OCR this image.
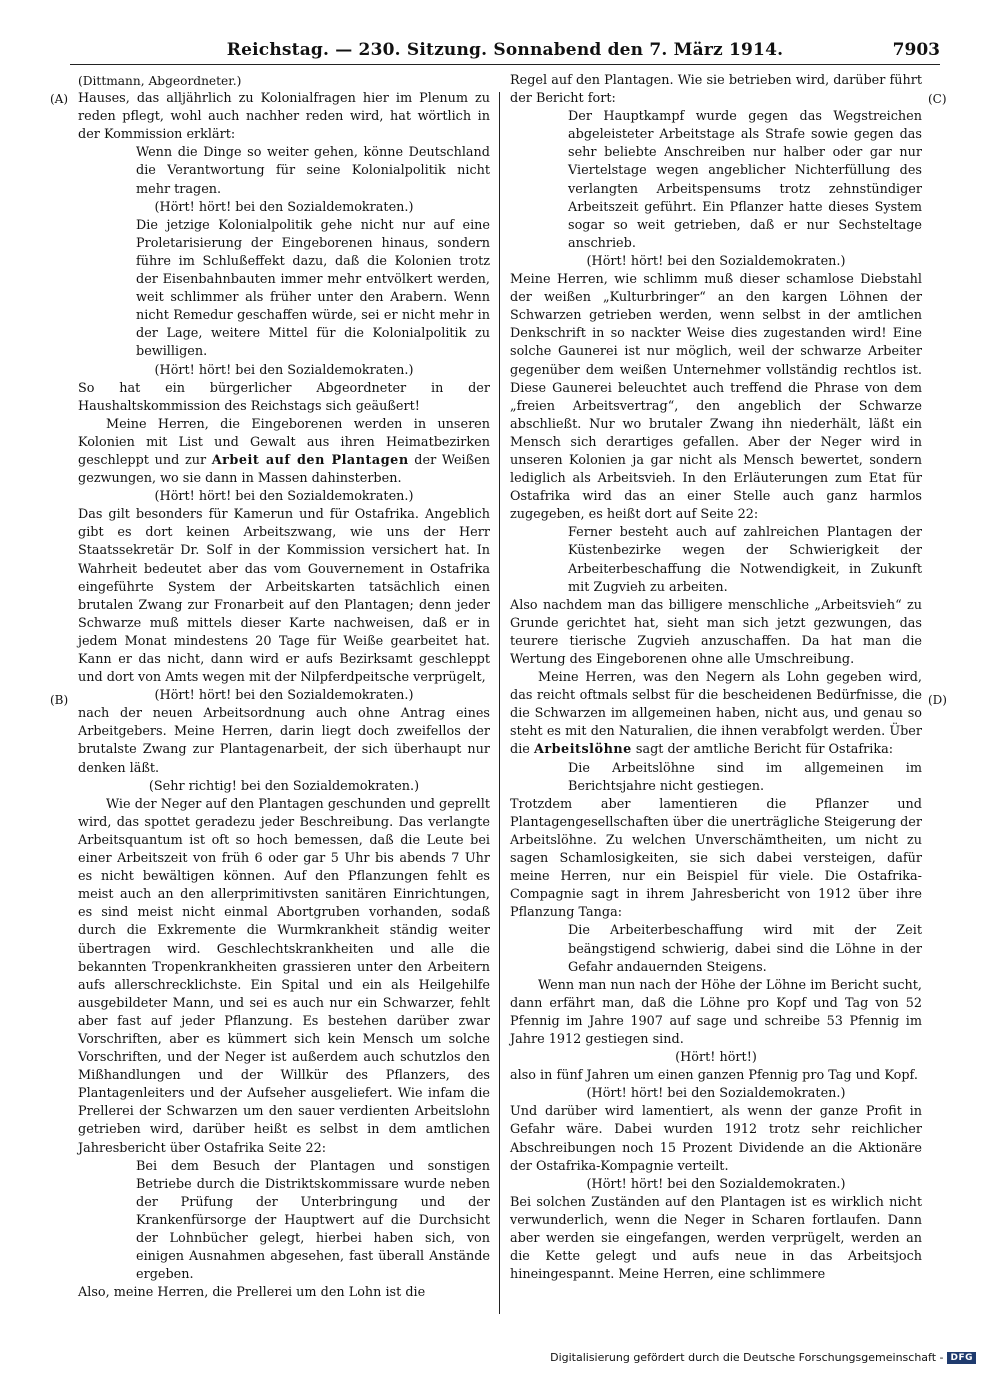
Reichstag. — 230. Sitzung. Sonnabend den 7. März 1914.	7903
(A)
(B)
(C)
(D)

(Dittmann, Abgeordneter.)

Hauses, das alljährlich zu Kolonialfragen hier im Plenum zu reden pflegt, wohl auch nachher reden wird, hat wörtlich in der Kommission erklärt:

Wenn die Dinge so weiter gehen, könne Deutschland die Verantwortung für seine Kolonialpolitik nicht mehr tragen.

(Hört! hört! bei den Sozialdemokraten.)

Die jetzige Kolonialpolitik gehe nicht nur auf eine Proletarisierung der Eingeborenen hinaus, sondern führe im Schlußeffekt dazu, daß die Kolonien trotz der Eisenbahnbauten immer mehr entvölkert werden, weit schlimmer als früher unter den Arabern. Wenn nicht Remedur geschaffen würde, sei er nicht mehr in der Lage, weitere Mittel für die Kolonialpolitik zu bewilligen.

(Hört! hört! bei den Sozialdemokraten.)

So hat ein bürgerlicher Abgeordneter in der Haushaltskommission des Reichstags sich geäußert!

Meine Herren, die Eingeborenen werden in unseren Kolonien mit List und Gewalt aus ihren Heimatbezirken geschleppt und zur Arbeit auf den Plantagen der Weißen gezwungen, wo sie dann in Massen dahinsterben.

(Hört! hört! bei den Sozialdemokraten.)

Das gilt besonders für Kamerun und für Ostafrika. Angeblich gibt es dort keinen Arbeitszwang, wie uns der Herr Staatssekretär Dr. Solf in der Kommission versichert hat. In Wahrheit bedeutet aber das vom Gouvernement in Ostafrika eingeführte System der Arbeitskarten tatsächlich einen brutalen Zwang zur Fronarbeit auf den Plantagen; denn jeder Schwarze muß mittels dieser Karte nachweisen, daß er in jedem Monat mindestens 20 Tage für Weiße gearbeitet hat. Kann er das nicht, dann wird er aufs Bezirksamt geschleppt und dort von Amts wegen mit der Nilpferdpeitsche verprügelt,

(Hört! hört! bei den Sozialdemokraten.)

nach der neuen Arbeitsordnung auch ohne Antrag eines Arbeitgebers. Meine Herren, darin liegt doch zweifellos der brutalste Zwang zur Plantagenarbeit, der sich überhaupt nur denken läßt.

(Sehr richtig! bei den Sozialdemokraten.)

Wie der Neger auf den Plantagen geschunden und geprellt wird, das spottet geradezu jeder Beschreibung. Das verlangte Arbeitsquantum ist oft so hoch bemessen, daß die Leute bei einer Arbeitszeit von früh 6 oder gar 5 Uhr bis abends 7 Uhr es nicht bewältigen können. Auf den Pflanzungen fehlt es meist auch an den allerprimitivsten sanitären Einrichtungen, es sind meist nicht einmal Abortgruben vorhanden, sodaß durch die Exkremente die Wurmkrankheit ständig weiter übertragen wird. Geschlechtskrankheiten und alle die bekannten Tropenkrankheiten grassieren unter den Arbeitern aufs allerschrecklichste. Ein Spital und ein als Heilgehilfe ausgebildeter Mann, und sei es auch nur ein Schwarzer, fehlt aber fast auf jeder Pflanzung. Es bestehen darüber zwar Vorschriften, aber es kümmert sich kein Mensch um solche Vorschriften, und der Neger ist außerdem auch schutzlos den Mißhandlungen und der Willkür des Pflanzers, des Plantagenleiters und der Aufseher ausgeliefert. Wie infam die Prellerei der Schwarzen um den sauer verdienten Arbeitslohn getrieben wird, darüber heißt es selbst in dem amtlichen Jahresbericht über Ostafrika Seite 22:

Bei dem Besuch der Plantagen und sonstigen Betriebe durch die Distriktskommissare wurde neben der Prüfung der Unterbringung und der Krankenfürsorge der Hauptwert auf die Durchsicht der Lohnbücher gelegt, hierbei haben sich, von einigen Ausnahmen abgesehen, fast überall Anstände ergeben.

Also, meine Herren, die Prellerei um den Lohn ist die

Regel auf den Plantagen. Wie sie betrieben wird, darüber führt der Bericht fort:

Der Hauptkampf wurde gegen das Wegstreichen abgeleisteter Arbeitstage als Strafe sowie gegen das sehr beliebte Anschreiben nur halber oder gar nur Viertelstage wegen angeblicher Nichterfüllung des verlangten Arbeitspensums trotz zehnstündiger Arbeitszeit geführt. Ein Pflanzer hatte dieses System sogar so weit getrieben, daß er nur Sechsteltage anschrieb.

(Hört! hört! bei den Sozialdemokraten.)

Meine Herren, wie schlimm muß dieser schamlose Diebstahl der weißen „Kulturbringer“ an den kargen Löhnen der Schwarzen getrieben werden, wenn selbst in der amtlichen Denkschrift in so nackter Weise dies zugestanden wird! Eine solche Gaunerei ist nur möglich, weil der schwarze Arbeiter gegenüber dem weißen Unternehmer vollständig rechtlos ist. Diese Gaunerei beleuchtet auch treffend die Phrase von dem „freien Arbeitsvertrag“, den angeblich der Schwarze abschließt. Nur wo brutaler Zwang ihn niederhält, läßt ein Mensch sich derartiges gefallen. Aber der Neger wird in unseren Kolonien ja gar nicht als Mensch bewertet, sondern lediglich als Arbeitsvieh. In den Erläuterungen zum Etat für Ostafrika wird das an einer Stelle auch ganz harmlos zugegeben, es heißt dort auf Seite 22:

Ferner besteht auch auf zahlreichen Plantagen der Küstenbezirke wegen der Schwierigkeit der Arbeiterbeschaffung die Notwendigkeit, in Zukunft mit Zugvieh zu arbeiten.

Also nachdem man das billigere menschliche „Arbeitsvieh“ zu Grunde gerichtet hat, sieht man sich jetzt gezwungen, das teurere tierische Zugvieh anzuschaffen. Da hat man die Wertung des Eingeborenen ohne alle Umschreibung.

Meine Herren, was den Negern als Lohn gegeben wird, das reicht oftmals selbst für die bescheidenen Bedürfnisse, die die Schwarzen im allgemeinen haben, nicht aus, und genau so steht es mit den Naturalien, die ihnen verabfolgt werden. Über die Arbeitslöhne sagt der amtliche Bericht für Ostafrika:

Die Arbeitslöhne sind im allgemeinen im Berichtsjahre nicht gestiegen.

Trotzdem aber lamentieren die Pflanzer und Plantagengesellschaften über die unerträgliche Steigerung der Arbeitslöhne. Zu welchen Unverschämtheiten, um nicht zu sagen Schamlosigkeiten, sie sich dabei versteigen, dafür meine Herren, nur ein Beispiel für viele. Die Ostafrika-Compagnie sagt in ihrem Jahresbericht von 1912 über ihre Pflanzung Tanga:

Die Arbeiterbeschaffung wird mit der Zeit beängstigend schwierig, dabei sind die Löhne in der Gefahr andauernden Steigens.

Wenn man nun nach der Höhe der Löhne im Bericht sucht, dann erfährt man, daß die Löhne pro Kopf und Tag von 52 Pfennig im Jahre 1907 auf sage und schreibe 53 Pfennig im Jahre 1912 gestiegen sind.

(Hört! hört!)

also in fünf Jahren um einen ganzen Pfennig pro Tag und Kopf.

(Hört! hört! bei den Sozialdemokraten.)

Und darüber wird lamentiert, als wenn der ganze Profit in Gefahr wäre. Dabei wurden 1912 trotz sehr reichlicher Abschreibungen noch 15 Prozent Dividende an die Aktionäre der Ostafrika-Kompagnie verteilt.

(Hört! hört! bei den Sozialdemokraten.)

Bei solchen Zuständen auf den Plantagen ist es wirklich nicht verwunderlich, wenn die Neger in Scharen fortlaufen. Dann aber werden sie eingefangen, werden verprügelt, werden an die Kette gelegt und aufs neue in das Arbeitsjoch hineingespannt. Meine Herren, eine schlimmere

Digitalisierung gefördert durch die Deutsche Forschungsgemeinschaft - DFG
